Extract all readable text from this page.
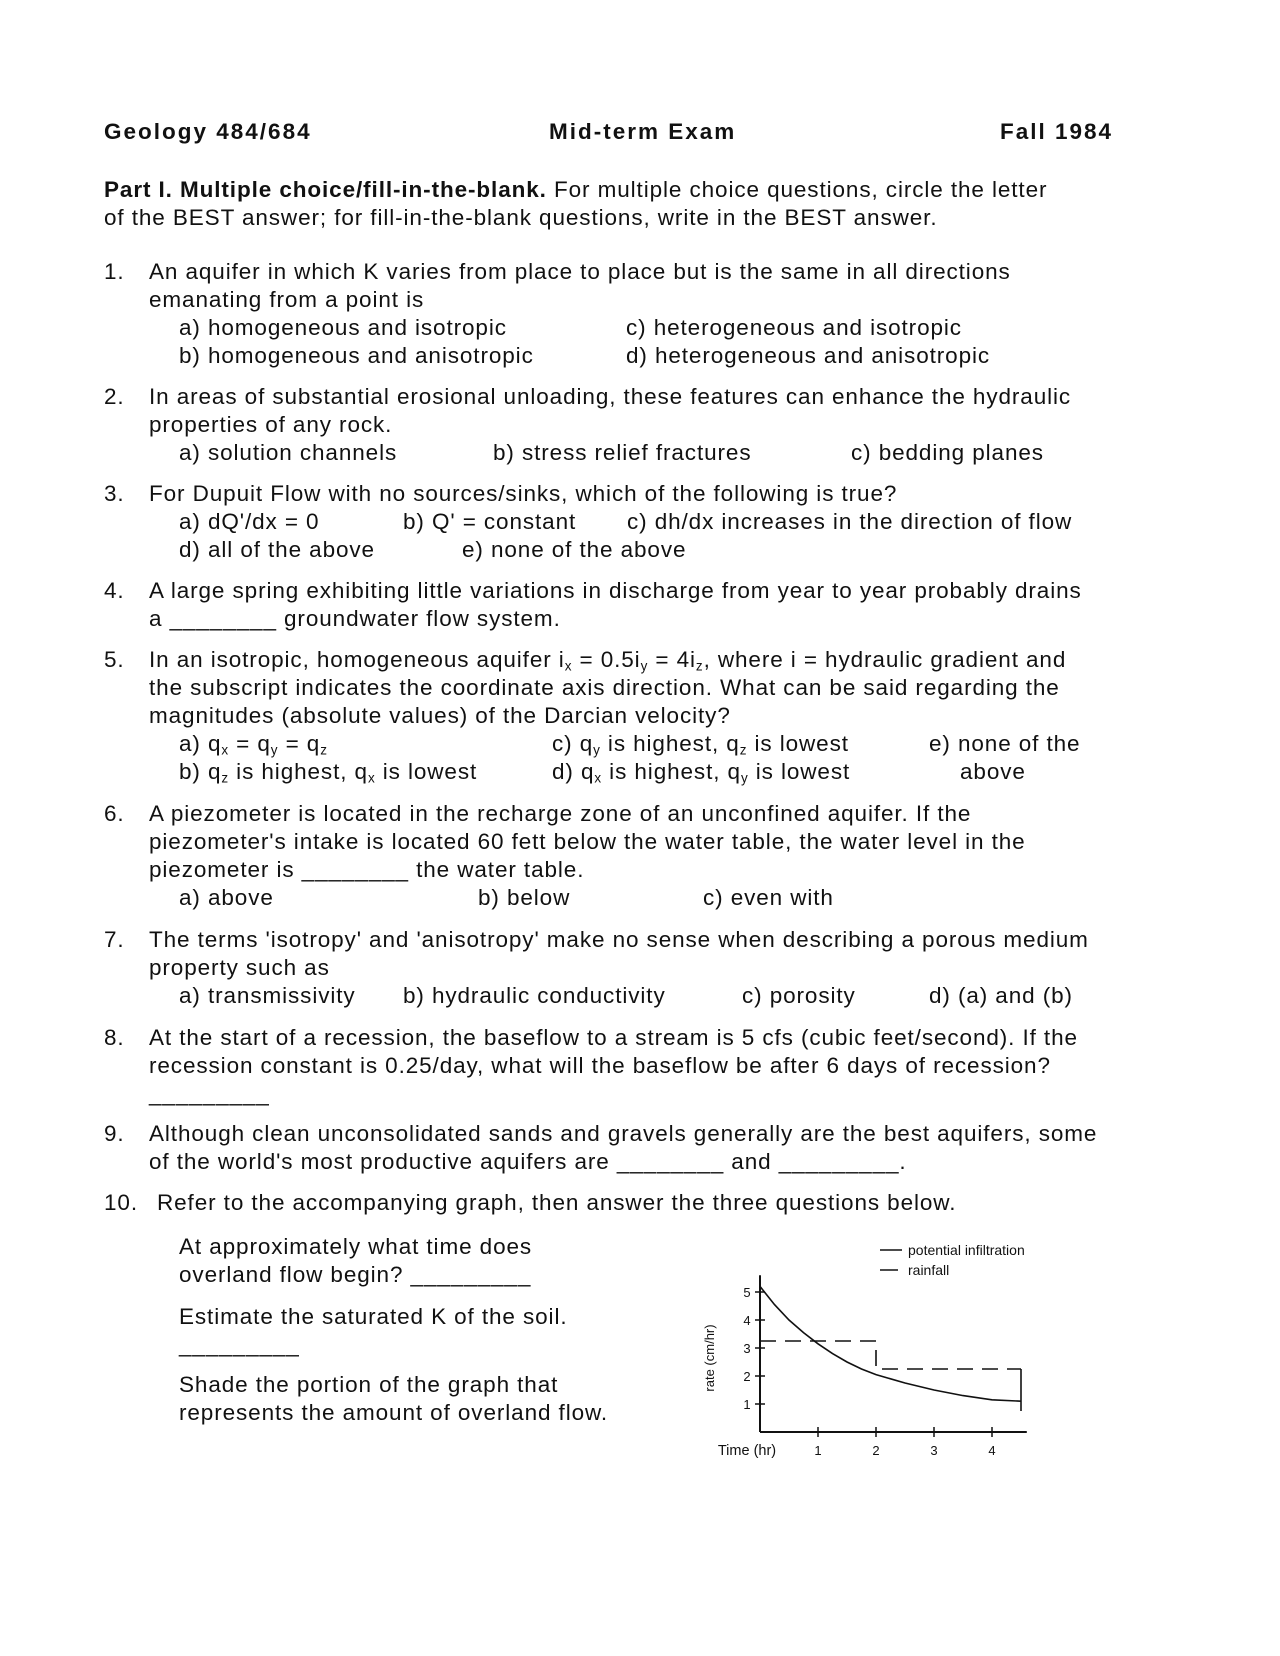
Geology 484/684	Mid-term Exam	Fall 1984
Part I. Multiple choice/fill-in-the-blank. For multiple choice questions, circle the letter
of the BEST answer; for fill-in-the-blank questions, write in the BEST answer.
1. An aquifer in which K varies from place to place but is the same in all directions
emanating from a point is
a) homogeneous and isotropic
b) homogeneous and anisotropic
c) heterogeneous and isotropic
d) heterogeneous and anisotropic
2. In areas of substantial erosional unloading, these features can enhance the hydraulic
properties of any rock.
a) solution channels	b) stress relief fractures	c) bedding planes
3. For Dupuit Flow with no sources/sinks, which of the following is true?
a) dQ'/dx = 0	b) Q' = constant c) dh/dx increases in the direction of flow
d) all of the above	e) none of the above
4. A large spring exhibiting little variations in discharge from year to year probably drains
a ________ groundwater flow system.
5. In an isotropic, homogeneous aquifer $i_x = 0.5i_y = 4i_z$, where i = hydraulic gradient and
the subscript indicates the coordinate axis direction. What can be said regarding the
magnitudes (absolute values) of the Darcian velocity?
a) $q_x = q_y = q_z$
b) $q_z$ is highest, $q_x$ is lowest
c) $q_y$ is highest, $q_z$ is lowest
d) $q_x$ is highest, $q_y$ is lowest
e) none of the
above
6. A piezometer is located in the recharge zone of an unconfined aquifer. If the
piezometer's intake is located 60 fett below the water table, the water level in the
piezometer is ________ the water table.
a) above	b) below	c) even with
7. The terms 'isotropy' and 'anisotropy' make no sense when describing a porous medium
property such as
a) transmissivity b) hydraulic conductivity	c) porosity	d) (a) and (b)
8. At the start of a recession, the baseflow to a stream is 5 cfs (cubic feet/second). If the
recession constant is 0.25/day, what will the baseflow be after 6 days of recession?
_________
9. Although clean unconsolidated sands and gravels generally are the best aquifers, some
of the world's most productive aquifers are ________ and _________.
10. Refer to the accompanying graph, then answer the three questions below.
At approximately what time does
overland flow begin? _________
Estimate the saturated K of the soil.
_________
Shade the portion of the graph that
represents the amount of overland flow.	1
2
3
4
5
1	2	3	4
potential infiltration
rainfall
rate (cm/hr)
Time (hr)
